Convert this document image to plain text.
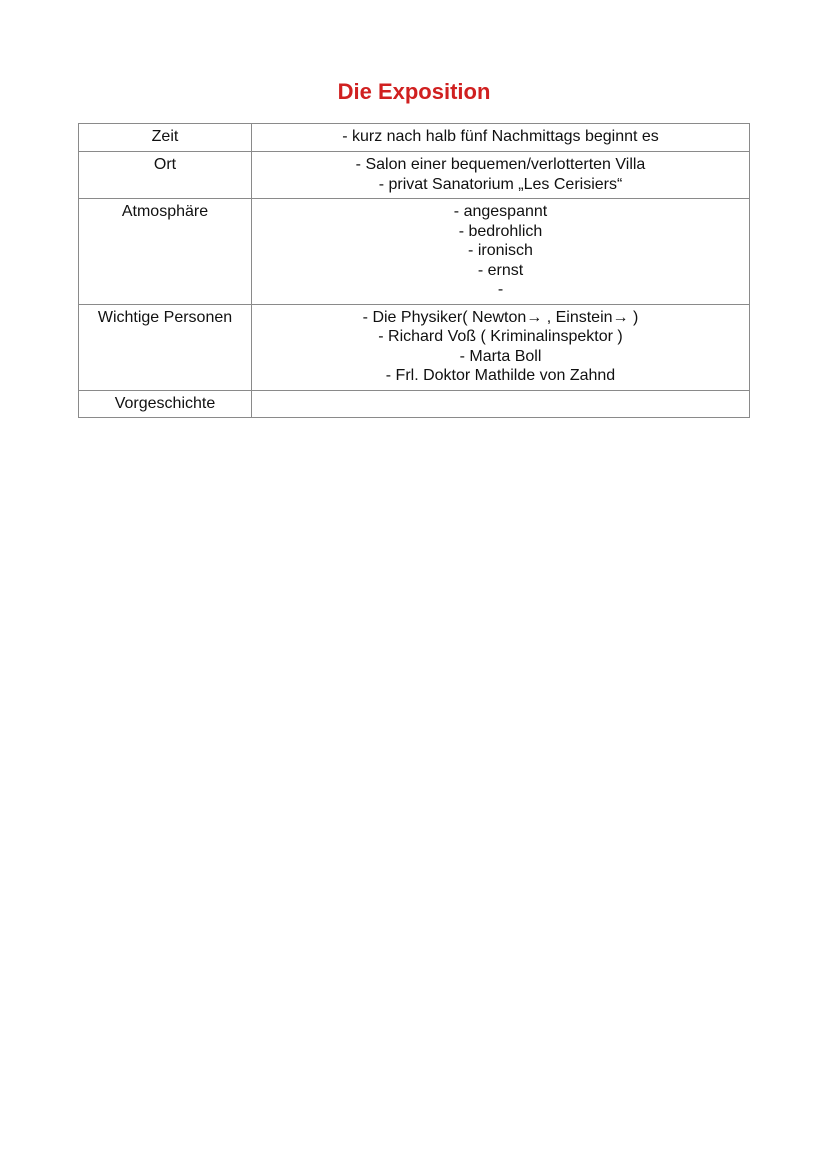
Die Exposition
Zeit	- kurz nach halb fünf Nachmittags beginnt es

Ort	- Salon einer bequemen/verlotterten Villa
- privat Sanatorium „Les Cerisiers“

Atmosphäre	- angespannt
- bedrohlich
- ironisch
- ernst
-

Wichtige Personen	- Die Physiker( Newton→ , Einstein→ )
- Richard Voß ( Kriminalinspektor )
- Marta Boll
- Frl. Doktor Mathilde von Zahnd

Vorgeschichte	
